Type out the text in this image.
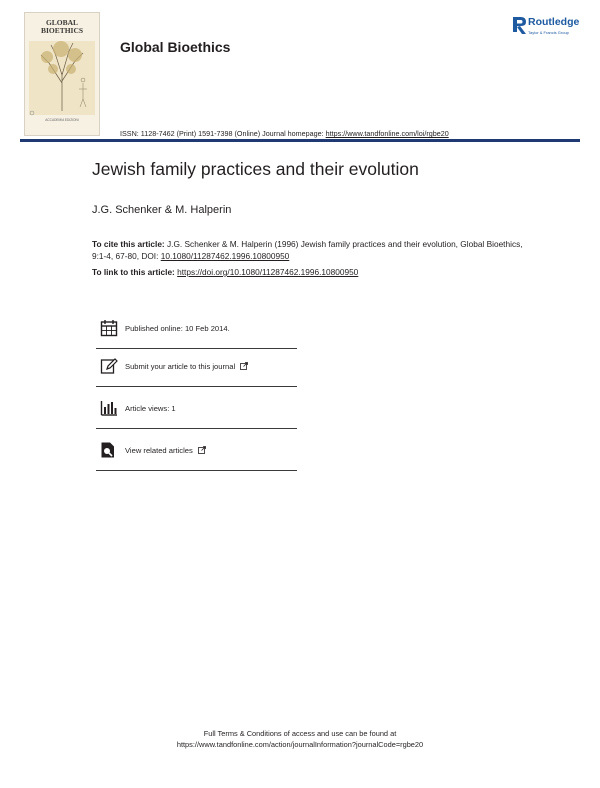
GLOBAL
BIOETHICS
ACCADEMIA EDIZIONI
Global Bioethics
Routledge
Taylor & Francis Group
ISSN: 1128-7462 (Print) 1591-7398 (Online) Journal homepage: https://www.tandfonline.com/loi/rgbe20
Jewish family practices and their evolution
J.G. Schenker & M. Halperin
To cite this article: J.G. Schenker & M. Halperin (1996) Jewish family practices and their evolution, Global Bioethics, 9:1-4, 67-80, DOI: 10.1080/11287462.1996.10800950
To link to this article: https://doi.org/10.1080/11287462.1996.10800950
Published online: 10 Feb 2014.
Submit your article to this journal
Article views: 1
View related articles
Full Terms & Conditions of access and use can be found at
https://www.tandfonline.com/action/journalInformation?journalCode=rgbe20
